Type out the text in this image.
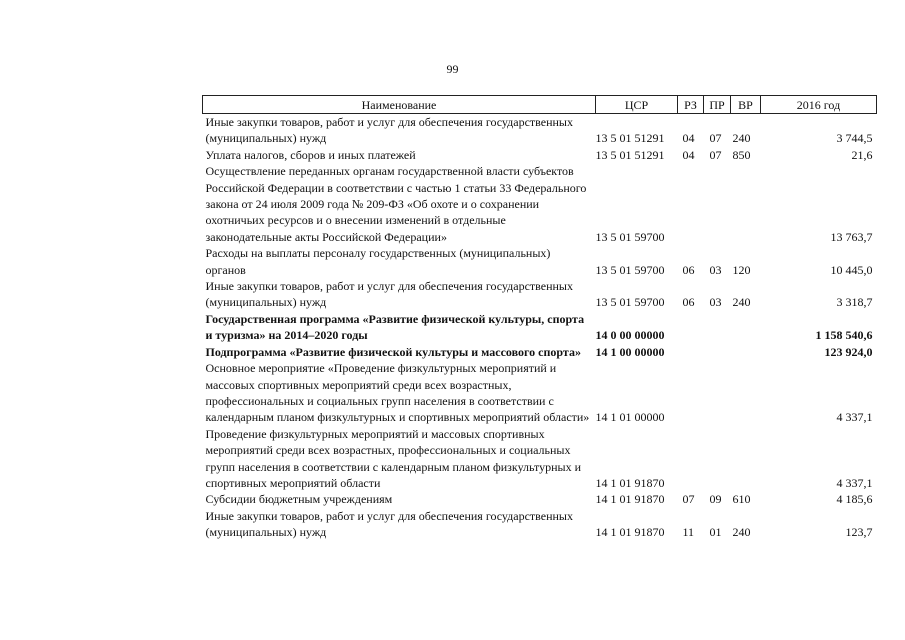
99
Наименование	ЦСР	РЗ	ПР	ВР	2016 год
Иные закупки товаров, работ и услуг для обеспечения государственных (муниципальных) нужд	13 5 01 51291	04	07	240	3 744,5
Уплата налогов, сборов и иных платежей	13 5 01 51291	04	07	850	21,6
Осуществление переданных органам государственной власти субъектов Российской Федерации в соответствии с частью 1 статьи 33 Федерального закона от 24 июля 2009 года № 209-ФЗ «Об охоте и о сохранении охотничьих ресурсов и о внесении изменений в отдельные законодательные акты Российской Федерации»	13 5 01 59700				13 763,7
Расходы на выплаты персоналу государственных (муниципальных) органов	13 5 01 59700	06	03	120	10 445,0
Иные закупки товаров, работ и услуг для обеспечения государственных (муниципальных) нужд	13 5 01 59700	06	03	240	3 318,7
Государственная программа «Развитие физической культуры, спорта и туризма» на 2014–2020 годы	14 0 00 00000				1 158 540,6
Подпрограмма «Развитие физической культуры и массового спорта»	14 1 00 00000				123 924,0
Основное мероприятие «Проведение физкультурных мероприятий и массовых спортивных мероприятий среди всех возрастных, профессиональных и социальных групп населения в соответствии с календарным планом физкультурных и спортивных мероприятий области»	14 1 01 00000				4 337,1
Проведение физкультурных мероприятий и массовых спортивных мероприятий среди всех возрастных, профессиональных и социальных групп населения в соответствии с календарным планом физкультурных и спортивных мероприятий области	14 1 01 91870				4 337,1
Субсидии бюджетным учреждениям	14 1 01 91870	07	09	610	4 185,6
Иные закупки товаров, работ и услуг для обеспечения государственных (муниципальных) нужд	14 1 01 91870	11	01	240	123,7
